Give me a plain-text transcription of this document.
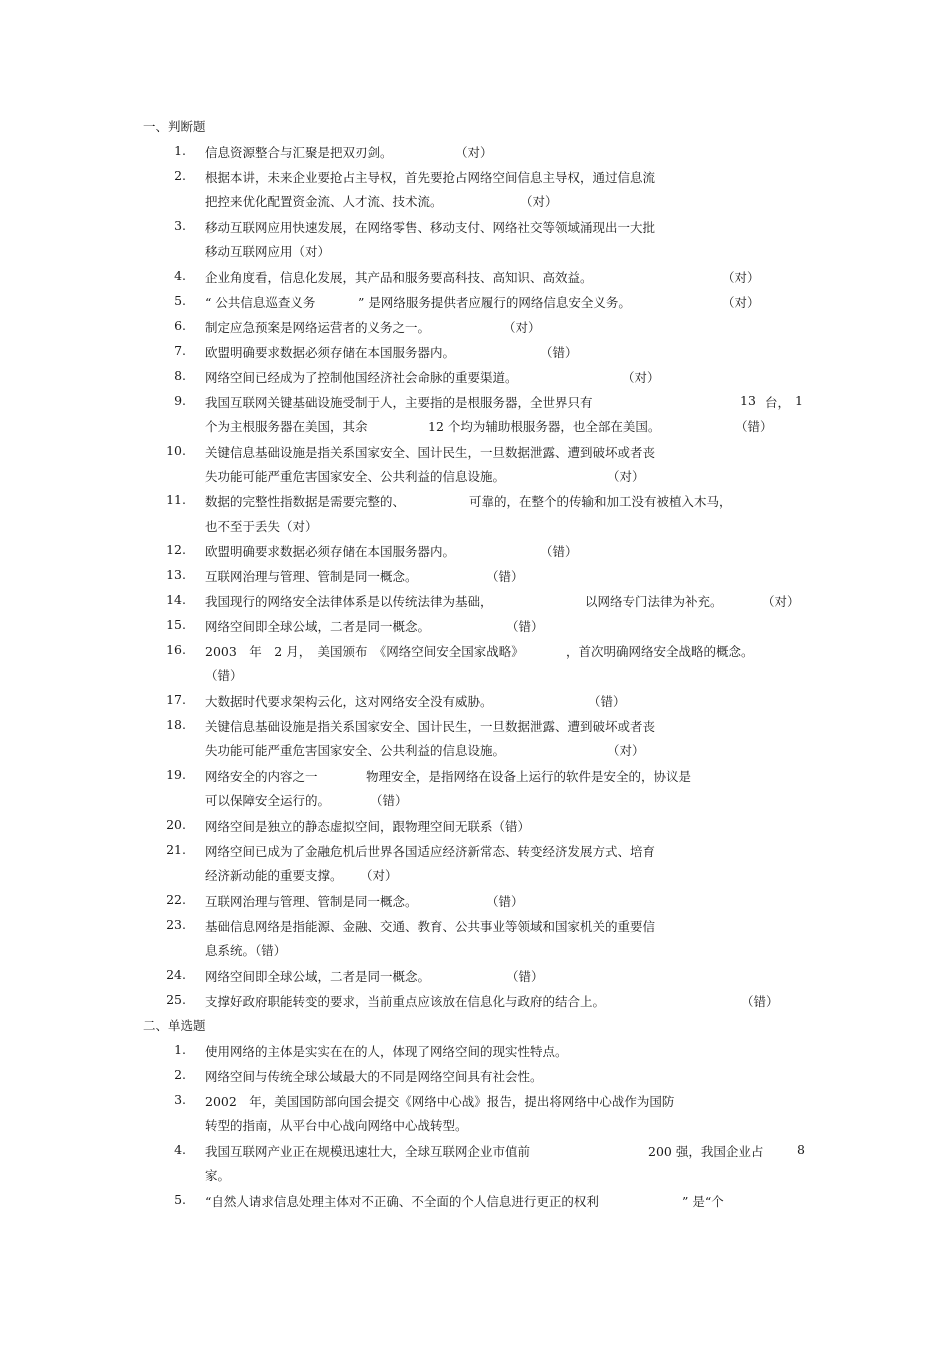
一、判断题
二、单选题
1. 信息资源整合与汇聚是把双刃剑。	（对）
2. 根据本讲，未来企业要抢占主导权，首先要抢占网络空间信息主导权，通过信息流
把控来优化配置资金流、人才流、技术流。	（对）
3. 移动互联网应用快速发展，在网络零售、移动支付、网络社交等领域涌现出一大批
移动互联网应用（对）
4. 企业角度看，信息化发展，其产品和服务要高科技、高知识、高效益。	（对）
5. “ 公共信息巡查义务	” 是网络服务提供者应履行的网络信息安全义务。	（对）
6. 制定应急预案是网络运营者的义务之一。	（对）
7. 欧盟明确要求数据必须存储在本国服务器内。	（错）
8. 网络空间已经成为了控制他国经济社会命脉的重要渠道。	（对）
9. 我国互联网关键基础设施受制于人，主要指的是根服务器，全世界只有	13 台， 1
个为主根服务器在美国，其余	12 个均为辅助根服务器，也全部在美国。	（错）
10. 关键信息基础设施是指关系国家安全、国计民生，一旦数据泄露、遭到破坏或者丧
失功能可能严重危害国家安全、公共利益的信息设施。	（对）
11. 数据的完整性指数据是需要完整的、	可靠的，在整个的传输和加工没有被植入木马，
也不至于丢失（对）
12. 欧盟明确要求数据必须存储在本国服务器内。	（错）
13. 互联网治理与管理、管制是同一概念。	（错）
14. 我国现行的网络安全法律体系是以传统法律为基础，	以网络专门法律为补充。	（对）
15. 网络空间即全球公域，二者是同一概念。	（错）
16. 2003　年　2 月，　美国颁布　《网络空间安全国家战略》	，首次明确网络安全战略的概念。
（错）
17. 大数据时代要求架构云化，这对网络安全没有威胁。	（错）
18. 关键信息基础设施是指关系国家安全、国计民生，一旦数据泄露、遭到破坏或者丧
失功能可能严重危害国家安全、公共利益的信息设施。	（对）
19. 网络安全的内容之一	物理安全，是指网络在设备上运行的软件是安全的，协议是
可以保障安全运行的。	（错）
20. 网络空间是独立的静态虚拟空间，跟物理空间无联系（错）
21. 网络空间已成为了金融危机后世界各国适应经济新常态、转变经济发展方式、培育
经济新动能的重要支撑。 （对）
22. 互联网治理与管理、管制是同一概念。	（错）
23. 基础信息网络是指能源、金融、交通、教育、公共事业等领域和国家机关的重要信
息系统。（错）
24. 网络空间即全球公域，二者是同一概念。	（错）
25. 支撑好政府职能转变的要求，当前重点应该放在信息化与政府的结合上。	（错）
1. 使用网络的主体是实实在在的人，体现了网络空间的现实性特点。
2. 网络空间与传统全球公域最大的不同是网络空间具有社会性。
3. 2002　年，美国国防部向国会提交《网络中心战》报告，提出将网络中心战作为国防
转型的指南，从平台中心战向网络中心战转型。
4. 我国互联网产业正在规模迅速壮大，全球互联网企业市值前	200 强，我国企业占	8
家。
5. “自然人请求信息处理主体对不正确、不全面的个人信息进行更正的权利	” 是“个
